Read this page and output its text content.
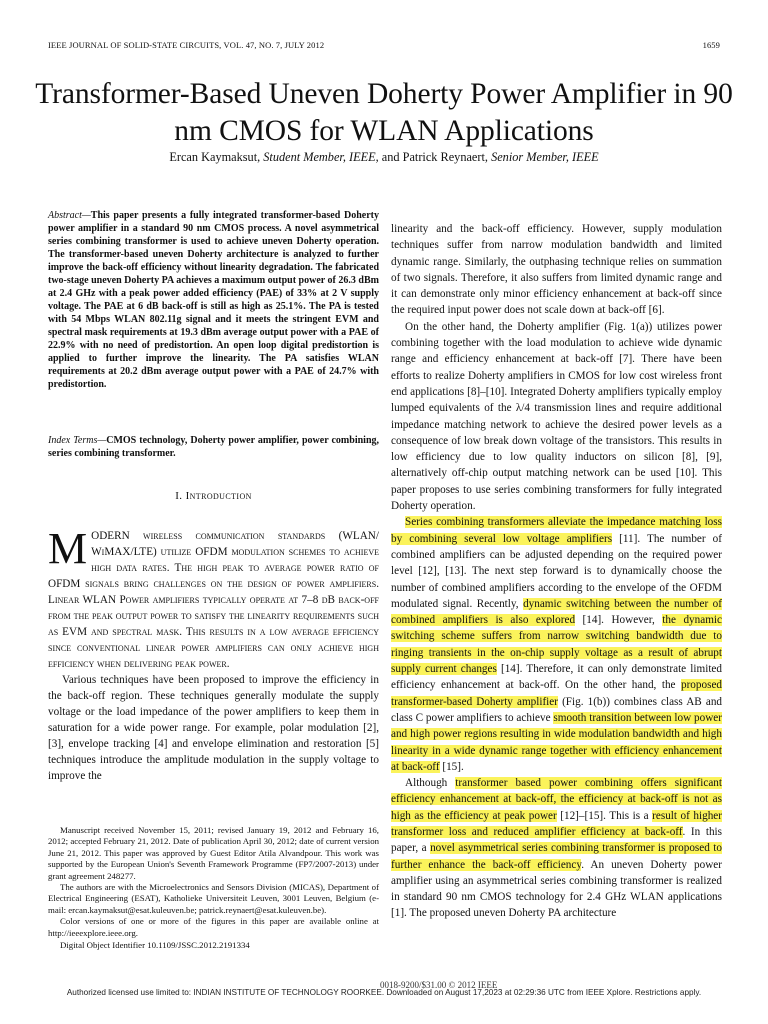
IEEE JOURNAL OF SOLID-STATE CIRCUITS, VOL. 47, NO. 7, JULY 2012	1659
Transformer-Based Uneven Doherty Power Amplifier in 90 nm CMOS for WLAN Applications
Ercan Kaymaksut, Student Member, IEEE, and Patrick Reynaert, Senior Member, IEEE
Abstract—This paper presents a fully integrated transformer-based Doherty power amplifier in a standard 90 nm CMOS process. A novel asymmetrical series combining transformer is used to achieve uneven Doherty operation. The transformer-based uneven Doherty architecture is analyzed to further improve the back-off efficiency without linearity degradation. The fabricated two-stage uneven Doherty PA achieves a maximum output power of 26.3 dBm at 2.4 GHz with a peak power added efficiency (PAE) of 33% at 2 V supply voltage. The PAE at 6 dB back-off is still as high as 25.1%. The PA is tested with 54 Mbps WLAN 802.11g signal and it meets the stringent EVM and spectral mask requirements at 19.3 dBm average output power with a PAE of 22.9% with no need of predistortion. An open loop digital predistortion is applied to further improve the linearity. The PA satisfies WLAN requirements at 20.2 dBm average output power with a PAE of 24.7% with predistortion.
Index Terms—CMOS technology, Doherty power amplifier, power combining, series combining transformer.
I. Introduction

MODERN wireless communication standards (WLAN/ WiMAX/LTE) utilize OFDM modulation schemes to achieve high data rates. The high peak to average power ratio of OFDM signals bring challenges on the design of power amplifiers. Linear WLAN Power amplifiers typically operate at 7–8 dB back-off from the peak output power to satisfy the linearity requirements such as EVM and spectral mask. This results in a low average efficiency since conventional linear power amplifiers can only achieve high efficiency when delivering peak power.

Various techniques have been proposed to improve the efficiency in the back-off region. These techniques generally modulate the supply voltage or the load impedance of the power amplifiers to keep them in saturation for a wide power range. For example, polar modulation [2], [3], envelope tracking [4] and envelope elimination and restoration [5] techniques introduce the amplitude modulation in the supply voltage to improve the

Manuscript received November 15, 2011; revised January 19, 2012 and February 16, 2012; accepted February 21, 2012. Date of publication April 30, 2012; date of current version June 21, 2012. This paper was approved by Guest Editor Atila Alvandpour. This work was supported by the European Union's Seventh Framework Programme (FP7/2007-2013) under grant agreement 248277.

The authors are with the Microelectronics and Sensors Division (MICAS), Department of Electrical Engineering (ESAT), Katholieke Universiteit Leuven, 3001 Leuven, Belgium (e-mail: ercan.kaymaksut@esat.kuleuven.be; patrick.reynaert@esat.kuleuven.be).

Color versions of one or more of the figures in this paper are available online at http://ieeexplore.ieee.org.

Digital Object Identifier 10.1109/JSSC.2012.2191334

linearity and the back-off efficiency. However, supply modulation techniques suffer from narrow modulation bandwidth and limited dynamic range. Similarly, the outphasing technique relies on summation of two signals. Therefore, it also suffers from limited dynamic range and it can demonstrate only minor efficiency enhancement at back-off since the required input power does not scale down at back-off [6].

On the other hand, the Doherty amplifier (Fig. 1(a)) utilizes power combining together with the load modulation to achieve wide dynamic range and efficiency enhancement at back-off [7]. There have been efforts to realize Doherty amplifiers in CMOS for low cost wireless front end applications [8]–[10]. Integrated Doherty amplifiers typically employ lumped equivalents of the λ/4 transmission lines and require additional impedance matching network to achieve the desired power levels as a consequence of low break down voltage of the transistors. This results in low efficiency due to low quality inductors on silicon [8], [9], alternatively off-chip output matching network can be used [10]. This paper proposes to use series combining transformers for fully integrated Doherty operation.

Series combining transformers alleviate the impedance matching loss by combining several low voltage amplifiers [11]. The number of combined amplifiers can be adjusted depending on the required power level [12], [13]. The next step forward is to dynamically choose the number of combined amplifiers according to the envelope of the OFDM modulated signal. Recently, dynamic switching between the number of combined amplifiers is also explored [14]. However, the dynamic switching scheme suffers from narrow switching bandwidth due to ringing transients in the on-chip supply voltage as a result of abrupt supply current changes [14]. Therefore, it can only demonstrate limited efficiency enhancement at back-off. On the other hand, the proposed transformer-based Doherty amplifier (Fig. 1(b)) combines class AB and class C power amplifiers to achieve smooth transition between low power and high power regions resulting in wide modulation bandwidth and high linearity in a wide dynamic range together with efficiency enhancement at back-off [15].

Although transformer based power combining offers significant efficiency enhancement at back-off, the efficiency at back-off is not as high as the efficiency at peak power [12]–[15]. This is a result of higher transformer loss and reduced amplifier efficiency at back-off. In this paper, a novel asymmetrical series combining transformer is proposed to further enhance the back-off efficiency. An uneven Doherty power amplifier using an asymmetrical series combining transformer is realized in standard 90 nm CMOS technology for 2.4 GHz WLAN applications [1]. The proposed uneven Doherty PA architecture

0018-9200/$31.00 © 2012 IEEE
Authorized licensed use limited to: INDIAN INSTITUTE OF TECHNOLOGY ROORKEE. Downloaded on August 17,2023 at 02:29:36 UTC from IEEE Xplore. Restrictions apply.
